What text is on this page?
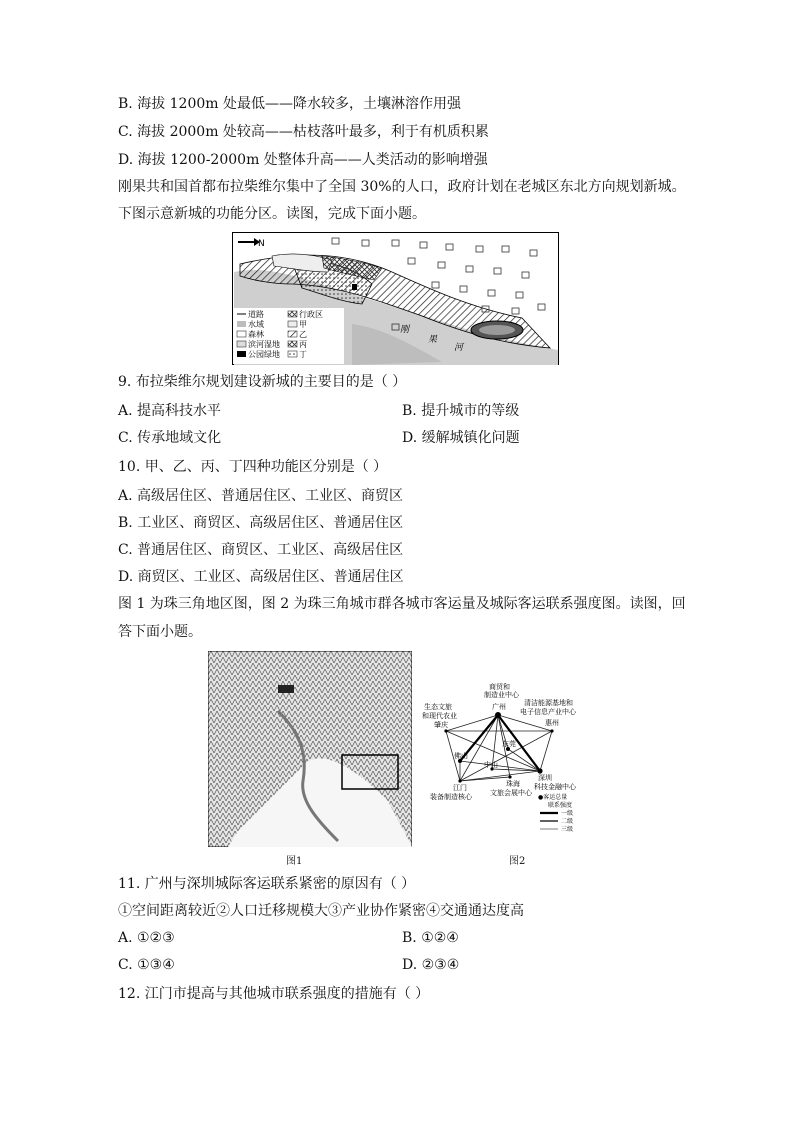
B. 海拔 1200m 处最低——降水较多，土壤淋溶作用强
C. 海拔 2000m 处较高——枯枝落叶最多，利于有机质积累
D. 海拔 1200-2000m 处整体升高——人类活动的影响增强
刚果共和国首都布拉柴维尔集中了全国 30%的人口，政府计划在老城区东北方向规划新城。
下图示意新城的功能分区。读图，完成下面小题。
N
道路
水域
森林
滨河湿地
公园绿地
行政区
甲
乙
丙
丁
刚
果
河
9. 布拉柴维尔规划建设新城的主要目的是（ ）
A. 提高科技水平	B. 提升城市的等级
C. 传承地域文化	D. 缓解城镇化问题
10. 甲、乙、丙、丁四种功能区分别是（ ）
A. 高级居住区、普通居住区、工业区、商贸区
B. 工业区、商贸区、高级居住区、普通居住区
C. 普通居住区、商贸区、工业区、高级居住区
D. 商贸区、工业区、高级居住区、普通居住区
图 1 为珠三角地区图，图 2 为珠三角城市群各城市客运量及城际客运联系强度图。读图，回
答下面小题。
图1
广州
商贸和
制造业中心
肇庆
生态文旅
和现代农业
惠州
清洁能源基地和
电子信息产业中心
佛山
东莞
中山
江门
装备制造核心
珠海
文旅会展中心
深圳
科技金融中心
●客运总量
联系强度
一级
二级
三级
图2
11. 广州与深圳城际客运联系紧密的原因有（ ）
①空间距离较近②人口迁移规模大③产业协作紧密④交通通达度高
A. ①②③	B. ①②④
C. ①③④	D. ②③④
12. 江门市提高与其他城市联系强度的措施有（ ）
